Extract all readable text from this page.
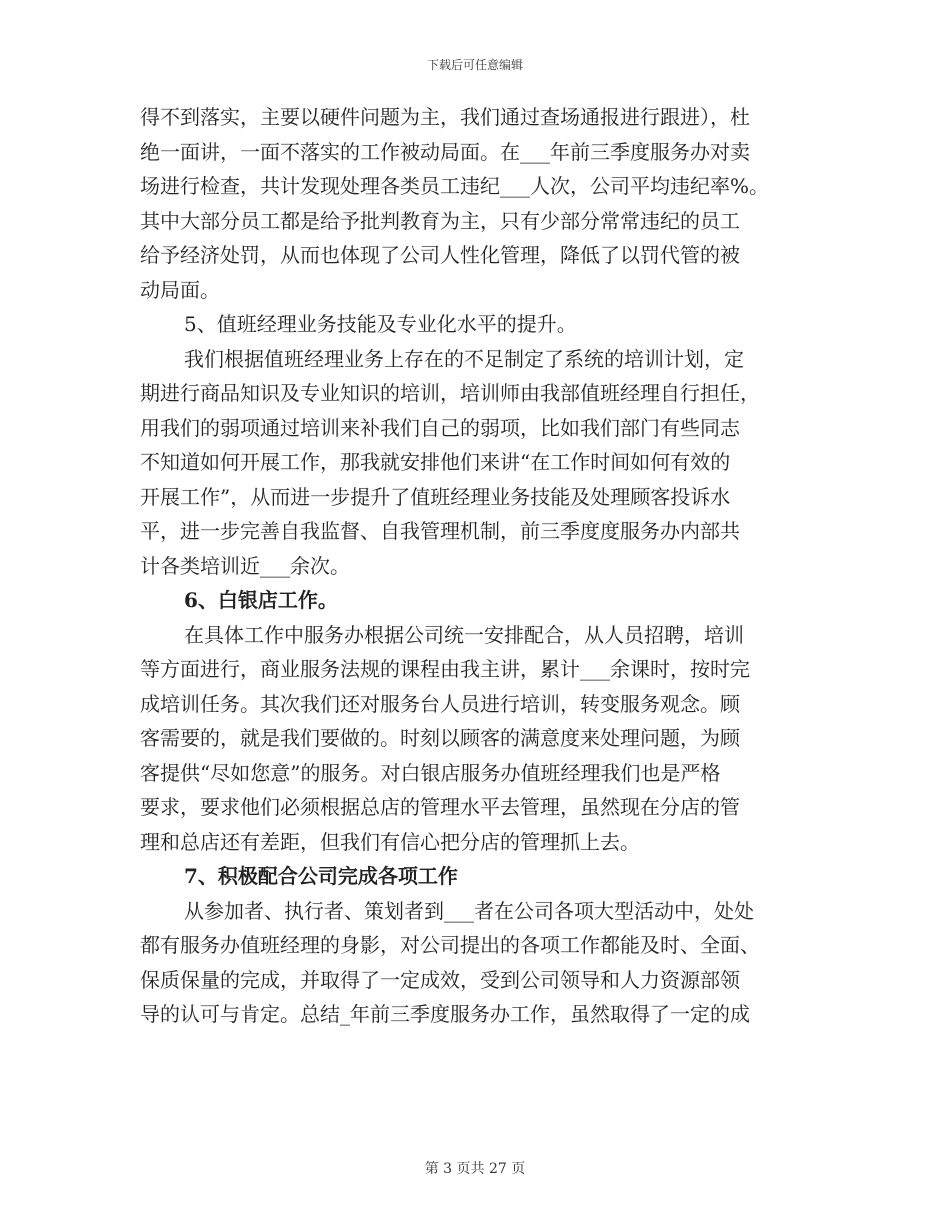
下载后可任意编辑

得不到落实，主要以硬件问题为主，我们通过查场通报进行跟进），杜

绝一面讲，一面不落实的工作被动局面。在___年前三季度服务办对卖

场进行检查，共计发现处理各类员工违纪___人次，公司平均违纪率%。

其中大部分员工都是给予批判教育为主，只有少部分常常违纪的员工

给予经济处罚，从而也体现了公司人性化管理，降低了以罚代管的被

动局面。

5、值班经理业务技能及专业化水平的提升。

我们根据值班经理业务上存在的不足制定了系统的培训计划，定

期进行商品知识及专业知识的培训，培训师由我部值班经理自行担任，

用我们的弱项通过培训来补我们自己的弱项，比如我们部门有些同志

不知道如何开展工作，那我就安排他们来讲“在工作时间如何有效的

开展工作”，从而进一步提升了值班经理业务技能及处理顾客投诉水

平，进一步完善自我监督、自我管理机制，前三季度度服务办内部共

计各类培训近___余次。

6、白银店工作。

在具体工作中服务办根据公司统一安排配合，从人员招聘，培训

等方面进行，商业服务法规的课程由我主讲，累计___余课时，按时完

成培训任务。其次我们还对服务台人员进行培训，转变服务观念。顾

客需要的，就是我们要做的。时刻以顾客的满意度来处理问题，为顾

客提供“尽如您意”的服务。对白银店服务办值班经理我们也是严格

要求，要求他们必须根据总店的管理水平去管理，虽然现在分店的管

理和总店还有差距，但我们有信心把分店的管理抓上去。

7、积极配合公司完成各项工作

从参加者、执行者、策划者到___者在公司各项大型活动中，处处

都有服务办值班经理的身影，对公司提出的各项工作都能及时、全面、

保质保量的完成，并取得了一定成效，受到公司领导和人力资源部领

导的认可与肯定。总结_年前三季度服务办工作，虽然取得了一定的成

第 3 页共 27 页
